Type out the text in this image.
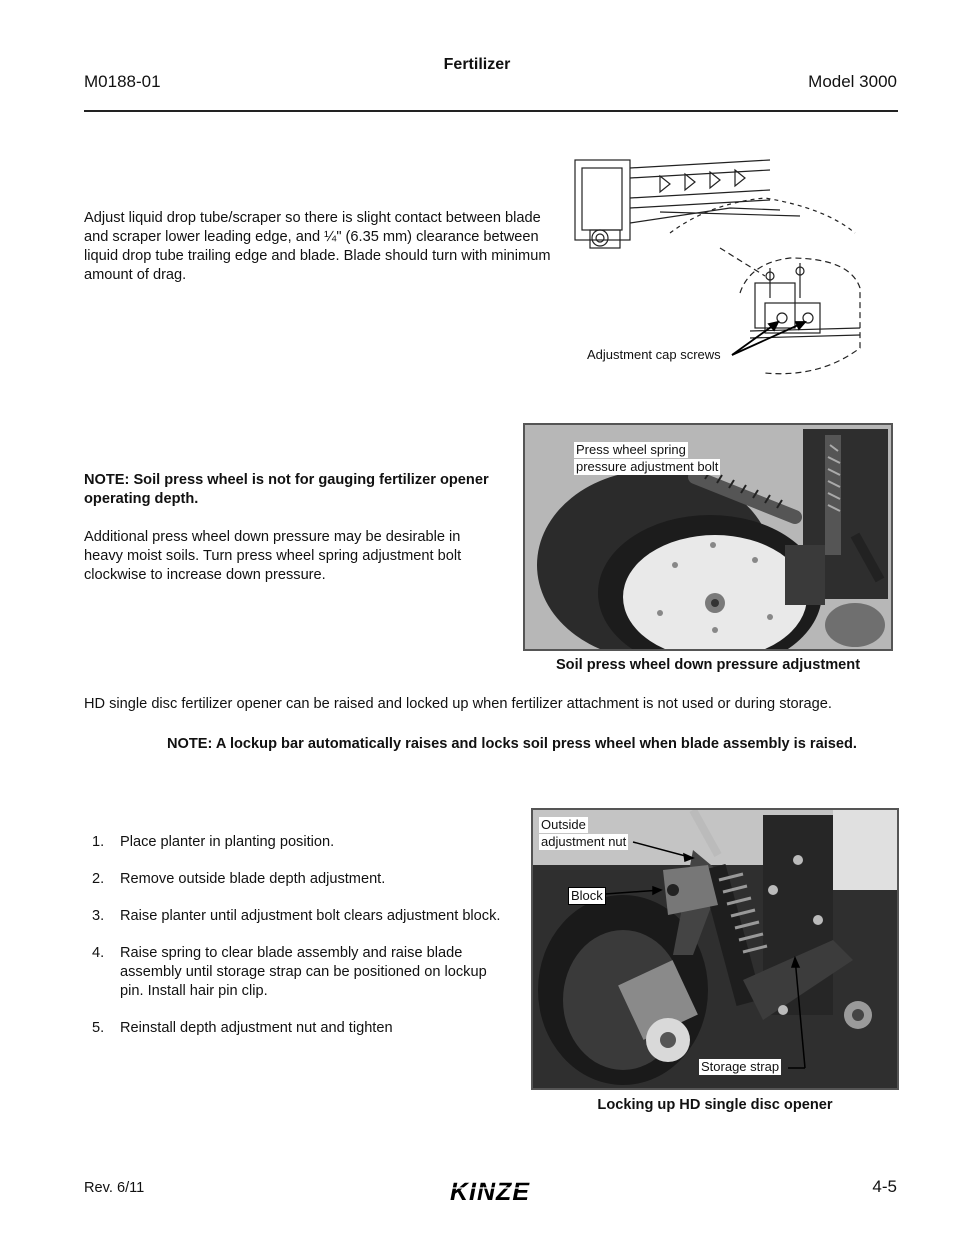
M0188-01
Fertilizer
Model 3000
Adjust liquid drop tube/scraper so there is slight contact between blade and scraper lower leading edge, and ¼" (6.35 mm) clearance between liquid drop tube trailing edge and blade. Blade should turn with minimum amount of drag.
Adjustment cap screws
NOTE: Soil press wheel is not for gauging fertilizer opener operating depth.
Additional press wheel down pressure may be desirable in heavy moist soils. Turn press wheel spring adjustment bolt clockwise to increase down pressure.
Press wheel spring
pressure adjustment bolt
Soil press wheel down pressure adjustment
HD single disc fertilizer opener can be raised and locked up when fertilizer attachment is not used or during storage.
NOTE: A lockup bar automatically raises and locks soil press wheel when blade assembly is raised.
1. Place planter in planting position.
2. Remove outside blade depth adjustment.
3. Raise planter until adjustment bolt clears adjustment block.
4. Raise spring to clear blade assembly and raise blade assembly until storage strap can be positioned on lockup pin. Install hair pin clip.
5. Reinstall depth adjustment nut and tighten
Outside
adjustment nut
Block
Storage strap
Locking up HD single disc opener
Rev. 6/11	KINZE	4-5
